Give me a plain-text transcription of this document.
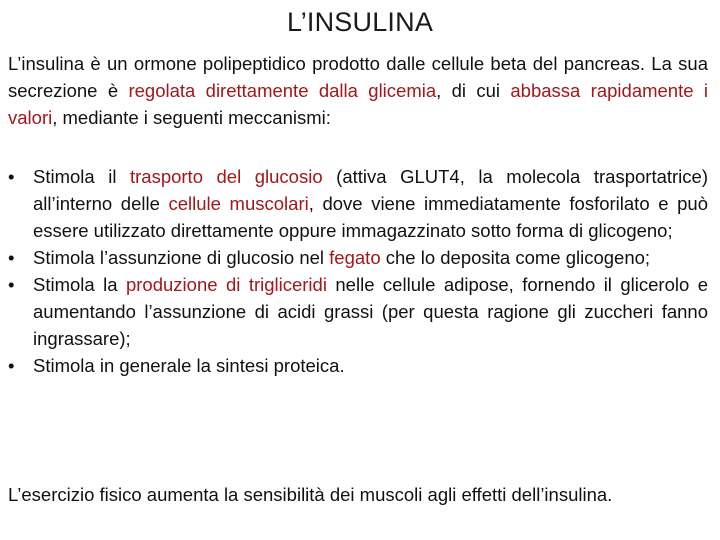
L’INSULINA

L’insulina è un ormone polipeptidico prodotto dalle cellule beta del pancreas. La sua secrezione è regolata direttamente dalla glicemia, di cui abbassa rapidamente i valori, mediante i seguenti meccanismi:

•	Stimola il trasporto del glucosio (attiva GLUT4, la molecola trasportatrice) all’interno delle cellule muscolari, dove viene immediatamente fosforilato e può essere utilizzato direttamente oppure immagazzinato sotto forma di glicogeno;
•	Stimola l’assunzione di glucosio nel fegato che lo deposita come glicogeno;
•	Stimola la produzione di trigliceridi nelle cellule adipose, fornendo il glicerolo e aumentando l’assunzione di acidi grassi (per questa ragione gli zuccheri fanno ingrassare);
•	Stimola in generale la sintesi proteica.

L’esercizio fisico aumenta la sensibilità dei muscoli agli effetti dell’insulina.
